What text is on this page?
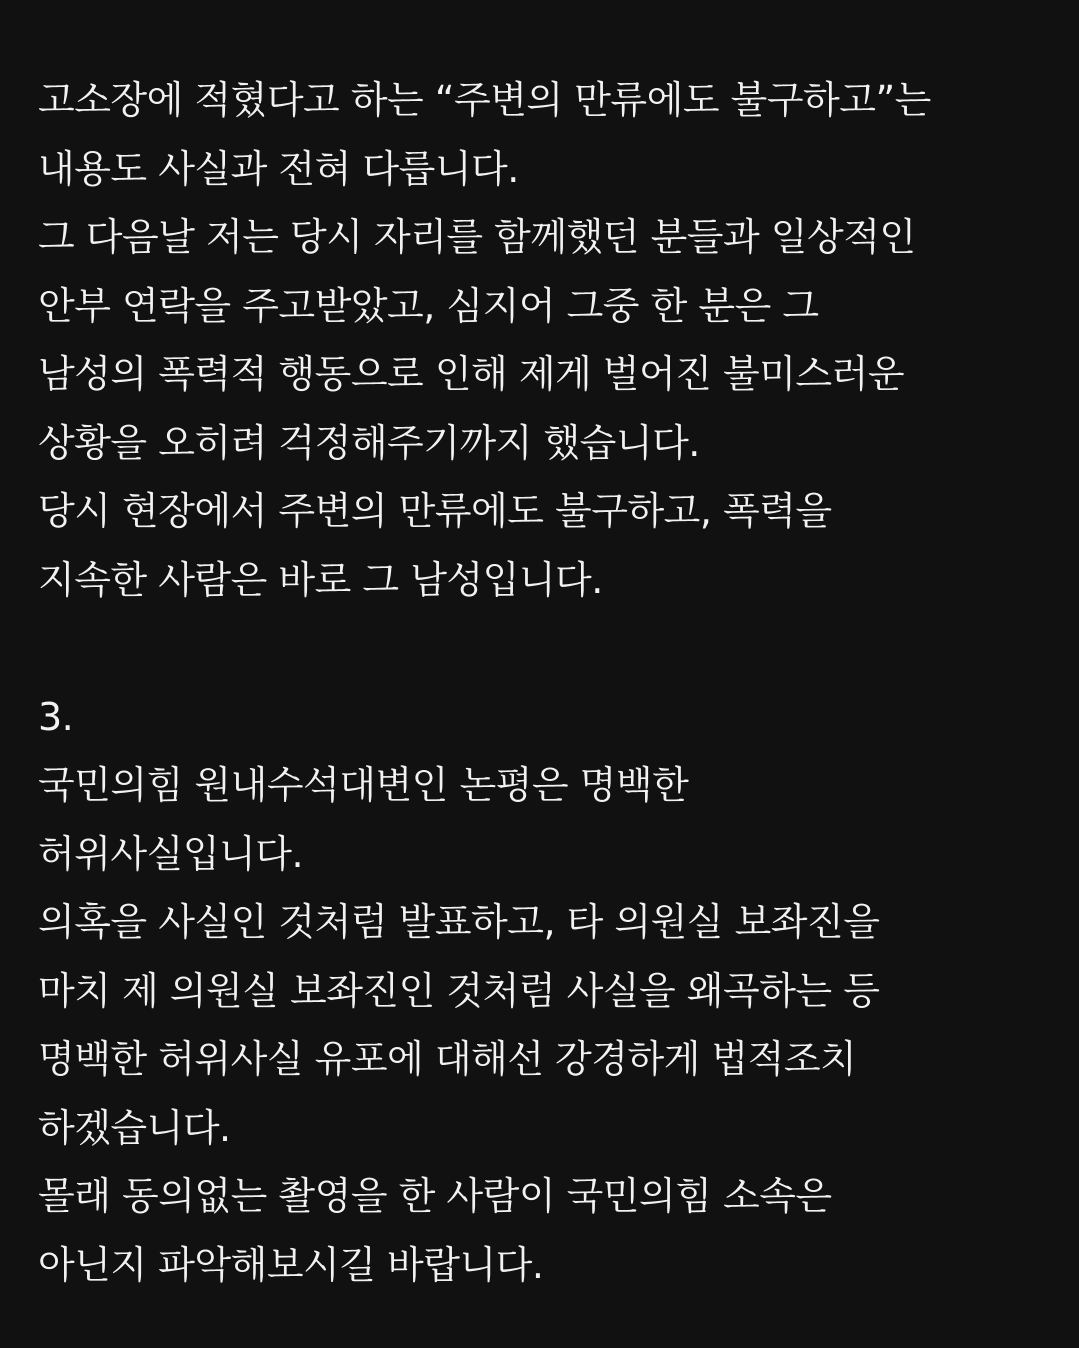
고소장에 적혔다고 하는 “주변의 만류에도 불구하고”는
내용도 사실과 전혀 다릅니다.
그 다음날 저는 당시 자리를 함께했던 분들과 일상적인
안부 연락을 주고받았고, 심지어 그중 한 분은 그
남성의 폭력적 행동으로 인해 제게 벌어진 불미스러운
상황을 오히려 걱정해주기까지 했습니다.
당시 현장에서 주변의 만류에도 불구하고, 폭력을
지속한 사람은 바로 그 남성입니다.
3.
국민의힘 원내수석대변인 논평은 명백한
허위사실입니다.
의혹을 사실인 것처럼 발표하고, 타 의원실 보좌진을
마치 제 의원실 보좌진인 것처럼 사실을 왜곡하는 등
명백한 허위사실 유포에 대해선 강경하게 법적조치
하겠습니다.
몰래 동의없는 촬영을 한 사람이 국민의힘 소속은
아닌지 파악해보시길 바랍니다.
